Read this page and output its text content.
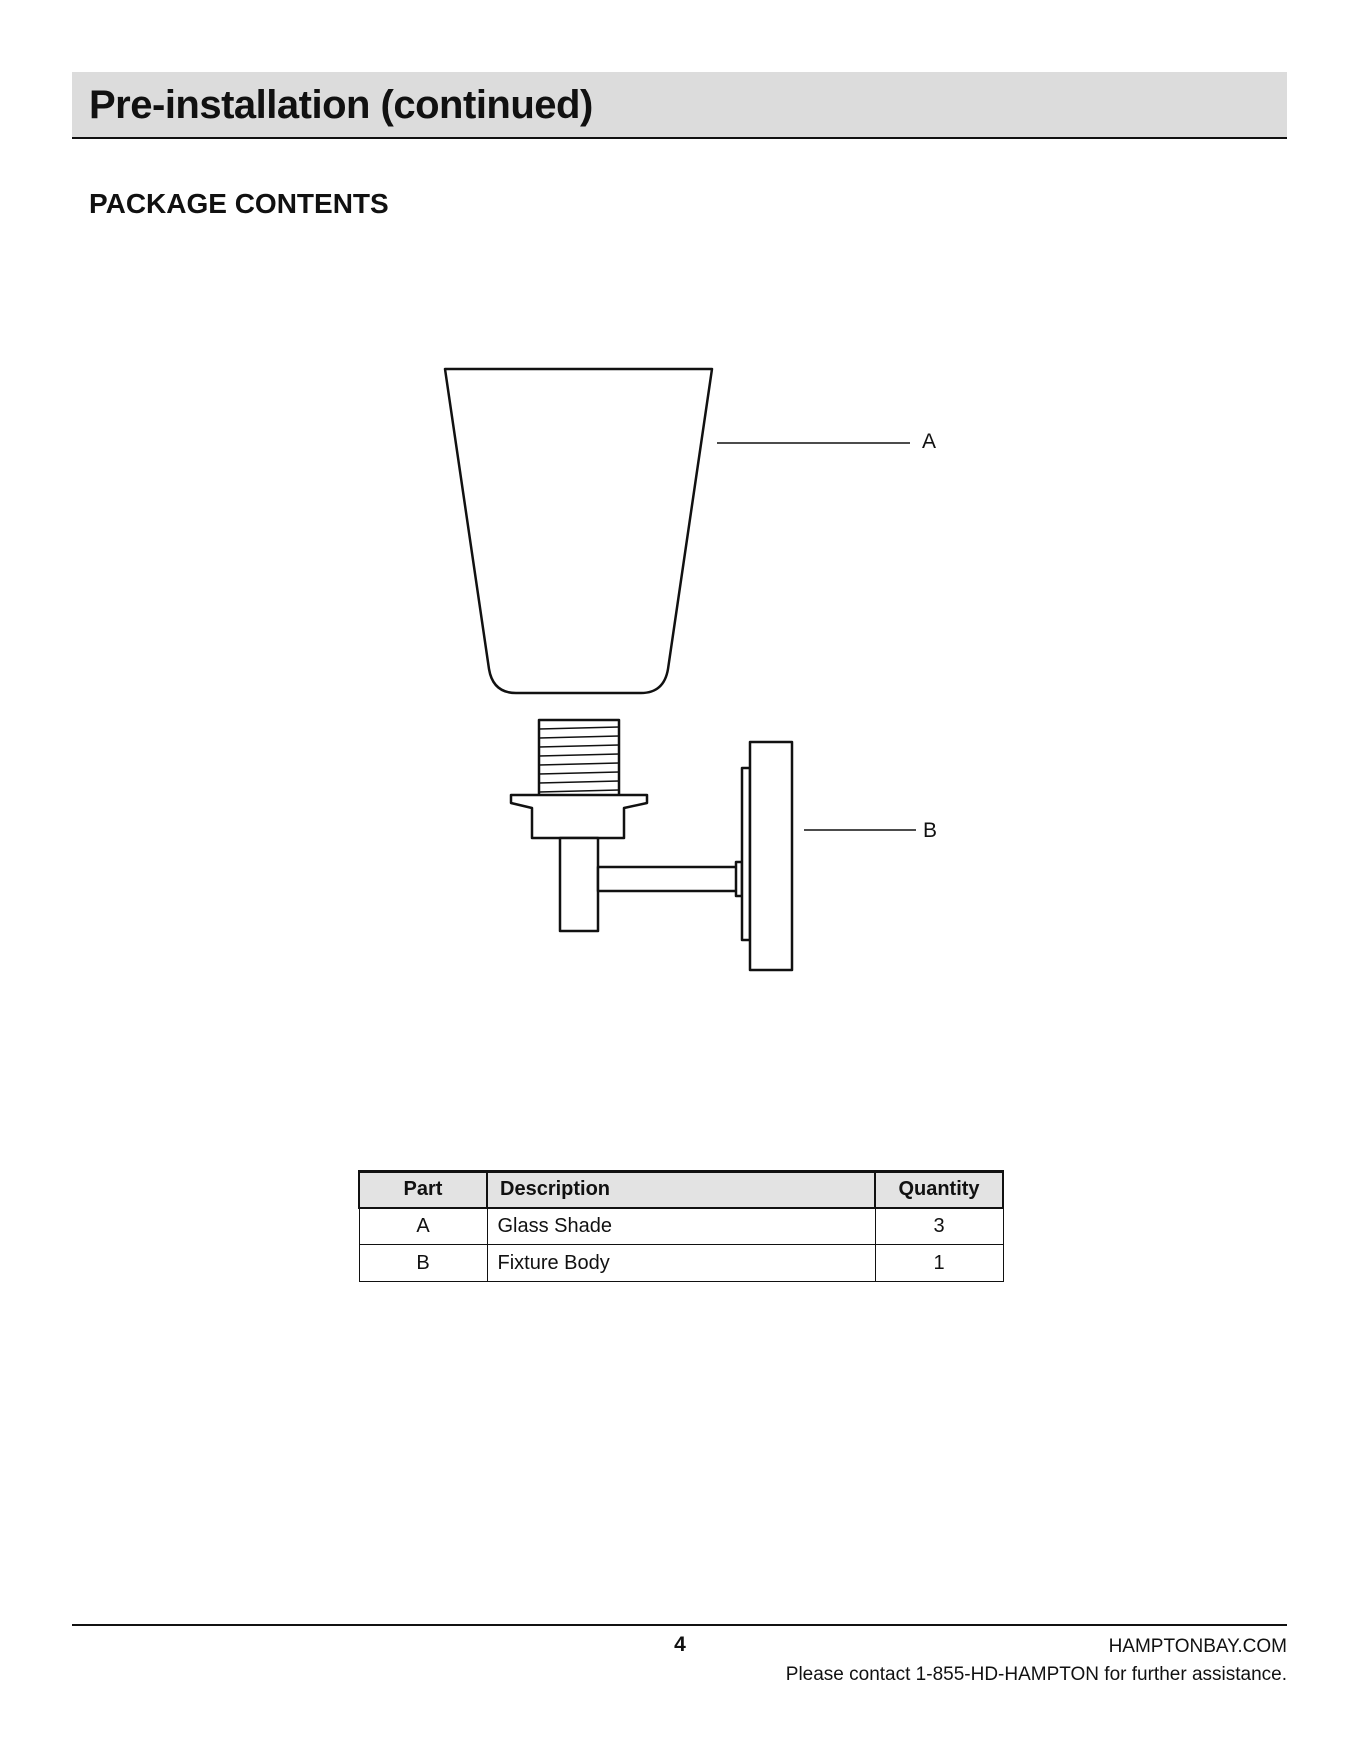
Pre-installation (continued)
PACKAGE CONTENTS
A
B
Part	Description	Quantity
A	Glass Shade	3
B	Fixture Body	1
4	HAMPTONBAY.COM
Please contact 1-855-HD-HAMPTON for further assistance.
